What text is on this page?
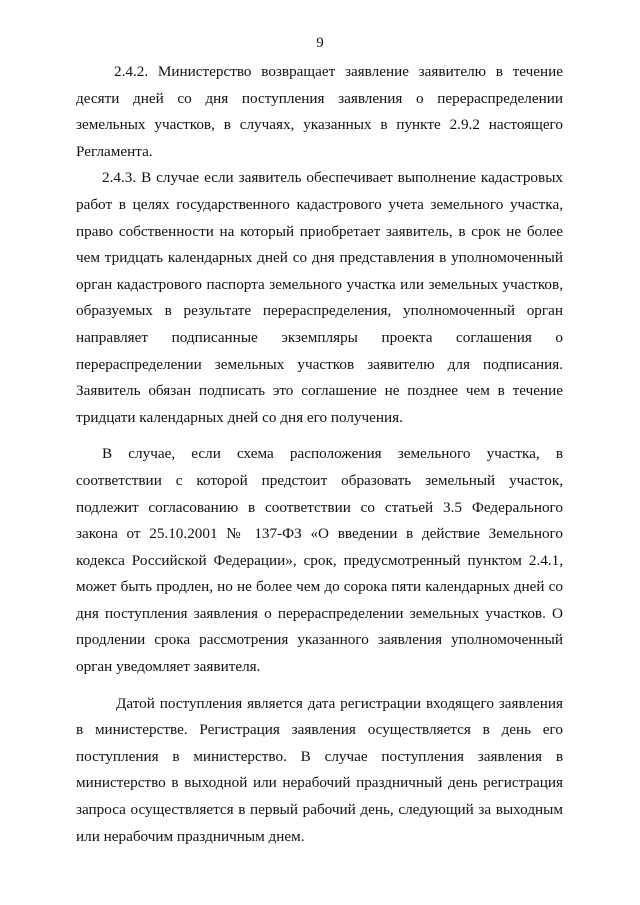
9

2.4.2. Министерство возвращает заявление заявителю в течение десяти дней со дня поступления заявления о перераспределении земельных участков, в случаях, указанных в пункте 2.9.2 настоящего Регламента.

2.4.3. В случае если заявитель обеспечивает выполнение кадастровых работ в целях государственного кадастрового учета земельного участка, право собственности на который приобретает заявитель, в срок не более чем тридцать календарных дней со дня представления в уполномоченный орган кадастрового паспорта земельного участка или земельных участков, образуемых в результате перераспределения, уполномоченный орган направляет подписанные экземпляры проекта соглашения о перераспределении земельных участков заявителю для подписания. Заявитель обязан подписать это соглашение не позднее чем в течение тридцати календарных дней со дня его получения.

В случае, если схема расположения земельного участка, в соответствии с которой предстоит образовать земельный участок, подлежит согласованию в соответствии со статьей 3.5 Федерального закона от 25.10.2001 № 137-ФЗ «О введении в действие Земельного кодекса Российской Федерации», срок, предусмотренный пунктом 2.4.1, может быть продлен, но не более чем до сорока пяти календарных дней со дня поступления заявления о перераспределении земельных участков. О продлении срока рассмотрения указанного заявления уполномоченный орган уведомляет заявителя.

Датой поступления является дата регистрации входящего заявления в министерстве. Регистрация заявления осуществляется в день его поступления в министерство. В случае поступления заявления в министерство в выходной или нерабочий праздничный день регистрация запроса осуществляется в первый рабочий день, следующий за выходным или нерабочим праздничным днем.
